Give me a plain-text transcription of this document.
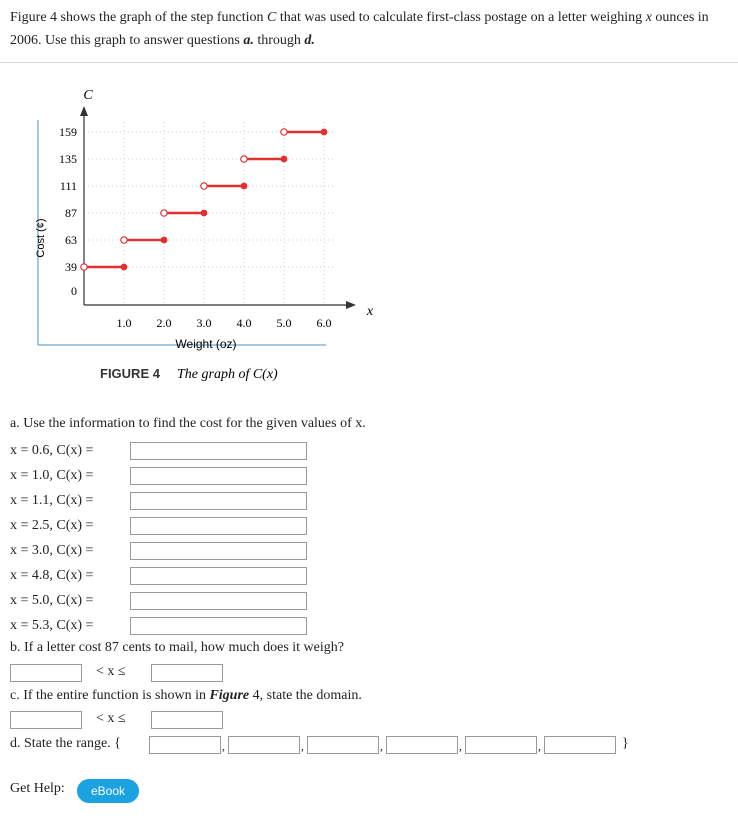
Figure 4 shows the graph of the step function C that was used to calculate first-class postage on a letter weighing x ounces in 2006. Use this graph to answer questions a. through d.
1.0 2.0 3.0 4.0 5.0 6.0
159
135
111
87
63
39
0
C
x
Weight (oz)
Cost (¢)
FIGURE 4 The graph of C(x)
a. Use the information to find the cost for the given values of x.
x = 0.6, C(x) =
x = 1.0, C(x) =
x = 1.1, C(x) =
x = 2.5, C(x) =
x = 3.0, C(x) =
x = 4.8, C(x) =
x = 5.0, C(x) =
x = 5.3, C(x) =
b. If a letter cost 87 cents to mail, how much does it weigh?
< x ≤
c. If the entire function is shown in Figure 4, state the domain.
< x ≤
d. State the range. {	,	,	,	,	,	}
Get Help:	eBook
